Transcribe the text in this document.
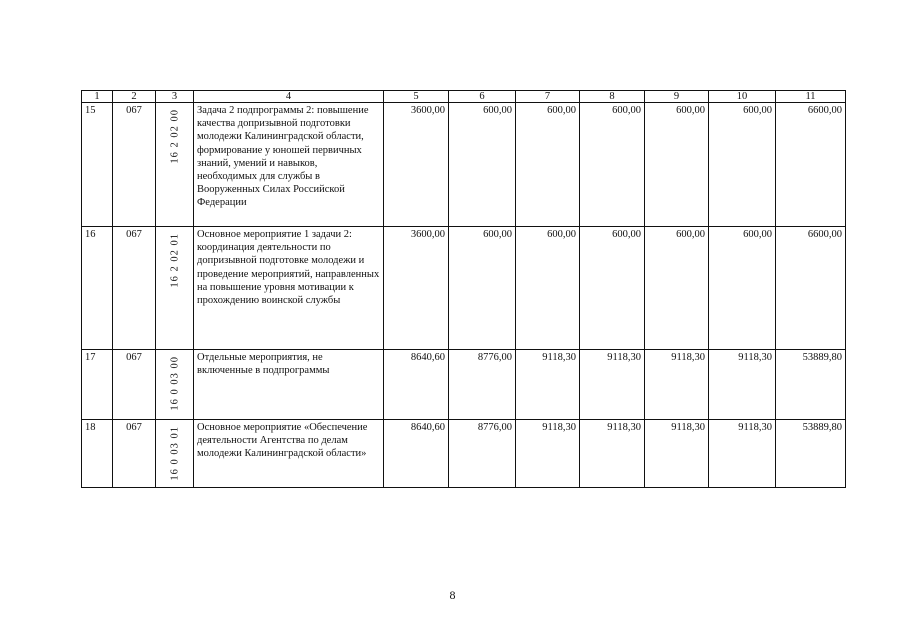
1	2	3	4	5	6	7	8	9	10	11
15	067	16 2 02 00	Задача 2 подпрограммы 2: повышение качества допризывной подготовки молодежи Калининградской области, формирование у юношей первичных знаний, умений и навыков, необходимых для службы в Вооруженных Силах Российской Федерации	3600,00	600,00	600,00	600,00	600,00	600,00	6600,00
16	067	16 2 02 01	Основное мероприятие 1 задачи 2: координация деятельности по допризывной подготовке молодежи и проведение мероприятий, направленных на повышение уровня мотивации к прохождению воинской службы	3600,00	600,00	600,00	600,00	600,00	600,00	6600,00
17	067	16 0 03 00	Отдельные мероприятия, не включенные в подпрограммы	8640,60	8776,00	9118,30	9118,30	9118,30	9118,30	53889,80
18	067	16 0 03 01	Основное мероприятие «Обеспечение деятельности Агентства по делам молодежи Калининградской области»	8640,60	8776,00	9118,30	9118,30	9118,30	9118,30	53889,80
8
